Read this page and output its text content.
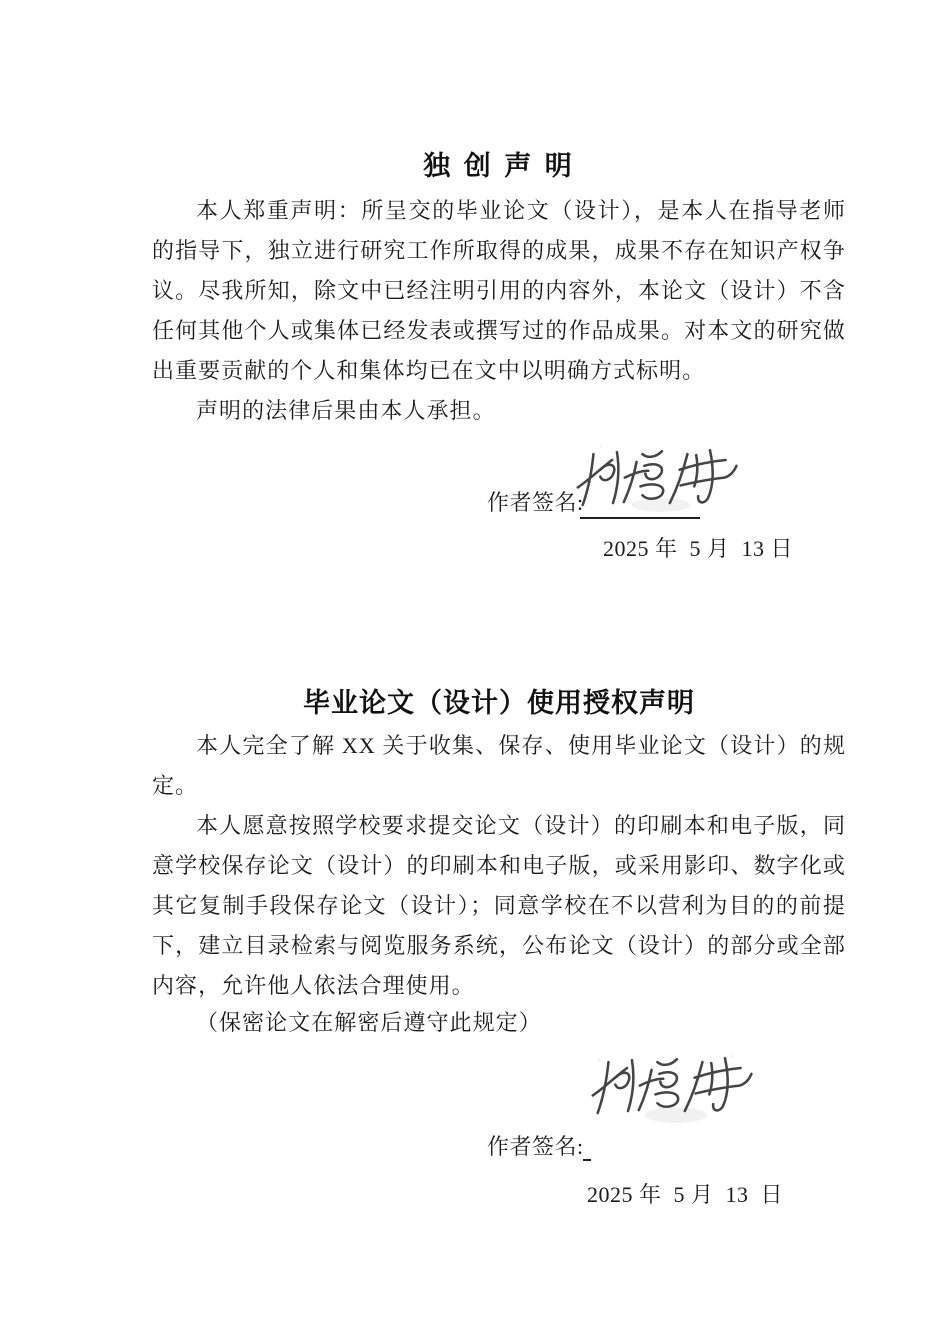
独 创 声 明

本人郑重声明：所呈交的毕业论文（设计），是本人在指导老师的指导下，独立进行研究工作所取得的成果，成果不存在知识产权争议。尽我所知，除文中已经注明引用的内容外，本论文（设计）不含任何其他个人或集体已经发表或撰写过的作品成果。对本文的研究做出重要贡献的个人和集体均已在文中以明确方式标明。

声明的法律后果由本人承担。

作者签名:
2025 年  5 月  13 日
毕业论文（设计）使用授权声明

本人完全了解 XX 关于收集、保存、使用毕业论文（设计）的规定。

本人愿意按照学校要求提交论文（设计）的印刷本和电子版，同意学校保存论文（设计）的印刷本和电子版，或采用影印、数字化或其它复制手段保存论文（设计）；同意学校在不以营利为目的的前提下，建立目录检索与阅览服务系统，公布论文（设计）的部分或全部内容，允许他人依法合理使用。

（保密论文在解密后遵守此规定）

作者签名:
2025 年  5 月  13  日
